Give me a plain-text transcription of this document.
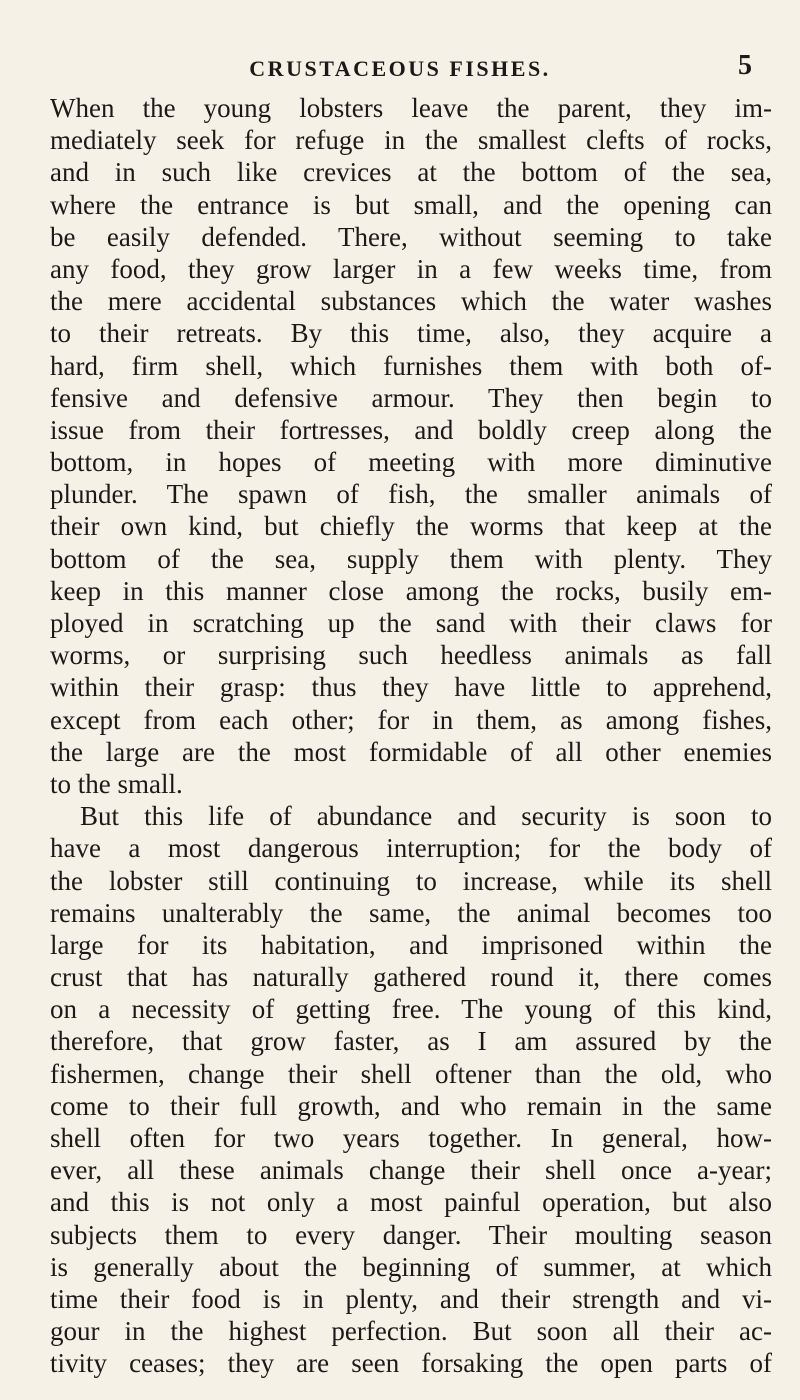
CRUSTACEOUS FISHES.	5
When the young lobsters leave the parent, they im-
mediately seek for refuge in the smallest clefts of rocks,
and in such like crevices at the bottom of the sea,
where the entrance is but small, and the opening can
be easily defended. There, without seeming to take
any food, they grow larger in a few weeks time, from
the mere accidental substances which the water washes
to their retreats. By this time, also, they acquire a
hard, firm shell, which furnishes them with both of-
fensive and defensive armour. They then begin to
issue from their fortresses, and boldly creep along the
bottom, in hopes of meeting with more diminutive
plunder. The spawn of fish, the smaller animals of
their own kind, but chiefly the worms that keep at the
bottom of the sea, supply them with plenty. They
keep in this manner close among the rocks, busily em-
ployed in scratching up the sand with their claws for
worms, or surprising such heedless animals as fall
within their grasp: thus they have little to apprehend,
except from each other; for in them, as among fishes,
the large are the most formidable of all other enemies
to the small.
But this life of abundance and security is soon to
have a most dangerous interruption; for the body of
the lobster still continuing to increase, while its shell
remains unalterably the same, the animal becomes too
large for its habitation, and imprisoned within the
crust that has naturally gathered round it, there comes
on a necessity of getting free. The young of this kind,
therefore, that grow faster, as I am assured by the
fishermen, change their shell oftener than the old, who
come to their full growth, and who remain in the same
shell often for two years together. In general, how-
ever, all these animals change their shell once a-year;
and this is not only a most painful operation, but also
subjects them to every danger. Their moulting season
is generally about the beginning of summer, at which
time their food is in plenty, and their strength and vi-
gour in the highest perfection. But soon all their ac-
tivity ceases; they are seen forsaking the open parts of
